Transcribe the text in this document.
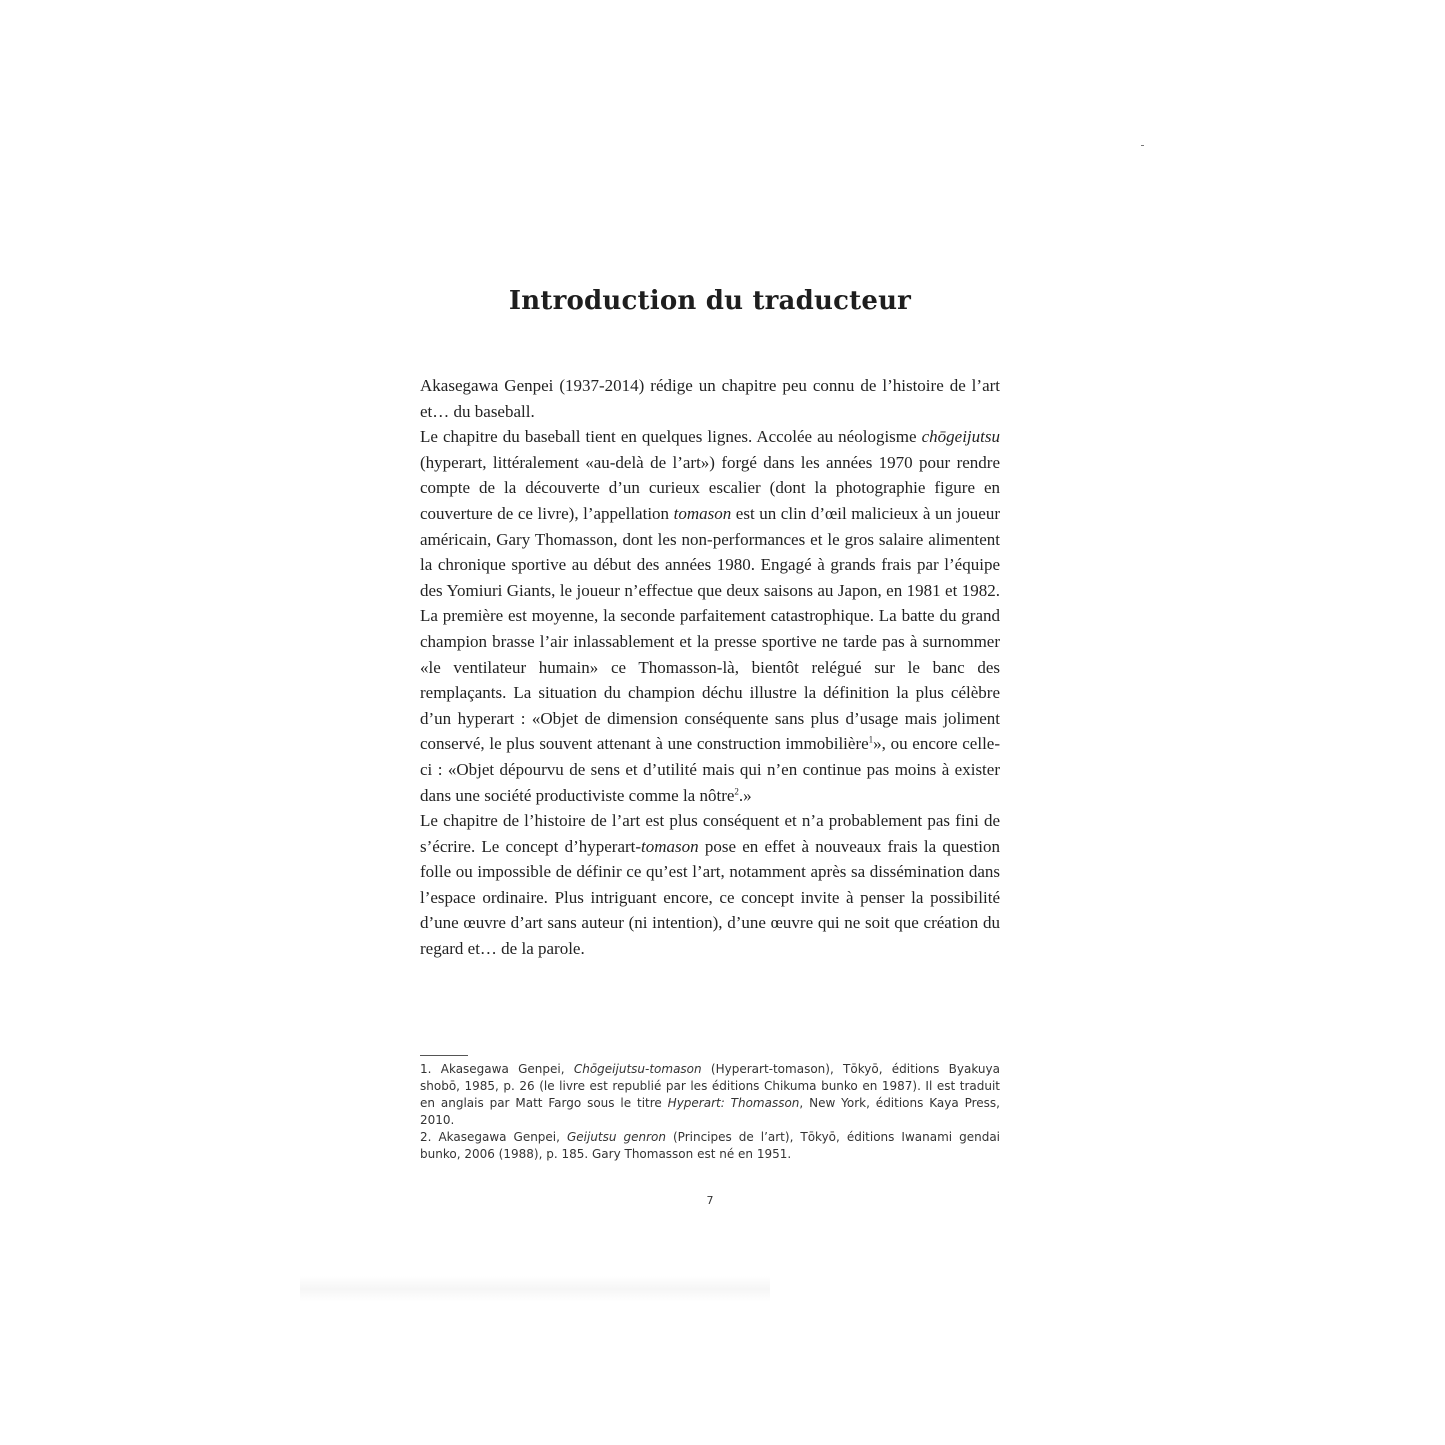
Introduction du traducteur

Akasegawa Genpei (1937-2014) rédige un chapitre peu connu de l’histoire de l’art et… du baseball.

Le chapitre du baseball tient en quelques lignes. Accolée au néologisme chōgeijutsu (hyperart, littéralement «au-delà de l’art») forgé dans les années 1970 pour rendre compte de la découverte d’un curieux escalier (dont la photographie figure en couverture de ce livre), l’appellation tomason est un clin d’œil malicieux à un joueur américain, Gary Thomasson, dont les non-performances et le gros salaire alimentent la chronique sportive au début des années 1980. Engagé à grands frais par l’équipe des Yomiuri Giants, le joueur n’effectue que deux saisons au Japon, en 1981 et 1982. La première est moyenne, la seconde parfaitement catastrophique. La batte du grand champion brasse l’air inlassablement et la presse sportive ne tarde pas à surnommer «le ventilateur humain» ce Thomasson-là, bientôt relégué sur le banc des remplaçants. La situation du champion déchu illustre la définition la plus célèbre d’un hyperart : «Objet de dimension conséquente sans plus d’usage mais joliment conservé, le plus souvent attenant à une construction immobilière$^1$», ou encore celle-ci : «Objet dépourvu de sens et d’utilité mais qui n’en continue pas moins à exister dans une société productiviste comme la nôtre$^2$.»

Le chapitre de l’histoire de l’art est plus conséquent et n’a probablement pas fini de s’écrire. Le concept d’hyperart-tomason pose en effet à nouveaux frais la question folle ou impossible de définir ce qu’est l’art, notamment après sa dissémination dans l’espace ordinaire. Plus intriguant encore, ce concept invite à penser la possibilité d’une œuvre d’art sans auteur (ni intention), d’une œuvre qui ne soit que création du regard et… de la parole.

1. Akasegawa Genpei, Chōgeijutsu-tomason (Hyperart-tomason), Tōkyō, éditions Byakuya shobō, 1985, p. 26 (le livre est republié par les éditions Chikuma bunko en 1987). Il est traduit en anglais par Matt Fargo sous le titre Hyperart: Thomasson, New York, éditions Kaya Press, 2010.

2. Akasegawa Genpei, Geijutsu genron (Principes de l’art), Tōkyō, éditions Iwanami gendai bunko, 2006 (1988), p. 185. Gary Thomasson est né en 1951.

7
